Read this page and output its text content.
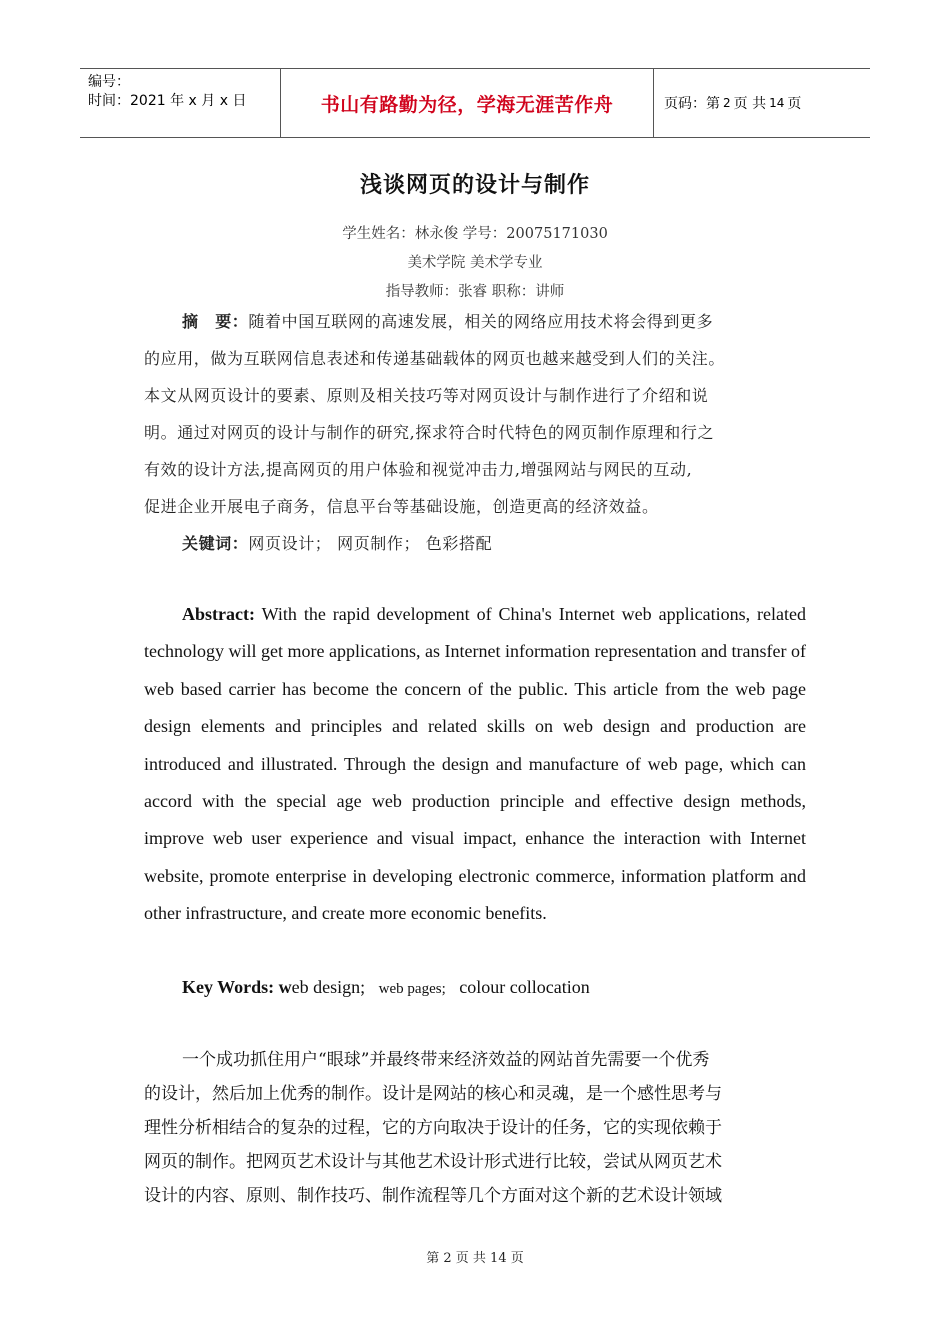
编号：
时间：2021 年 x 月 x 日	书山有路勤为径，学海无涯苦作舟	页码：第 2 页 共 14 页
浅谈网页的设计与制作
学生姓名：林永俊 学号：20075171030
美术学院 美术学专业
指导教师：张睿 职称：讲师
摘　要：随着中国互联网的高速发展，相关的网络应用技术将会得到更多
的应用，做为互联网信息表述和传递基础载体的网页也越来越受到人们的关注。
本文从网页设计的要素、原则及相关技巧等对网页设计与制作进行了介绍和说
明。通过对网页的设计与制作的研究,探求符合时代特色的网页制作原理和行之
有效的设计方法,提高网页的用户体验和视觉冲击力,增强网站与网民的互动,
促进企业开展电子商务，信息平台等基础设施，创造更高的经济效益。
关键词：网页设计； 网页制作； 色彩搭配
Abstract: With the rapid development of China's Internet web applications, related technology will get more applications, as Internet information representation and transfer of web based carrier has become the concern of the public. This article from the web page design elements and principles and related skills on web design and production are introduced and illustrated. Through the design and manufacture of web page, which can accord with the special age web production principle and effective design methods, improve web user experience and visual impact, enhance the interaction with Internet website, promote enterprise in developing electronic commerce, information platform and other infrastructure, and create more economic benefits.
Key Words: web design; web pages; colour collocation
一个成功抓住用户“眼球”并最终带来经济效益的网站首先需要一个优秀
的设计，然后加上优秀的制作。设计是网站的核心和灵魂，是一个感性思考与
理性分析相结合的复杂的过程，它的方向取决于设计的任务，它的实现依赖于
网页的制作。把网页艺术设计与其他艺术设计形式进行比较，尝试从网页艺术
设计的内容、原则、制作技巧、制作流程等几个方面对这个新的艺术设计领域
第 2 页 共 14 页
